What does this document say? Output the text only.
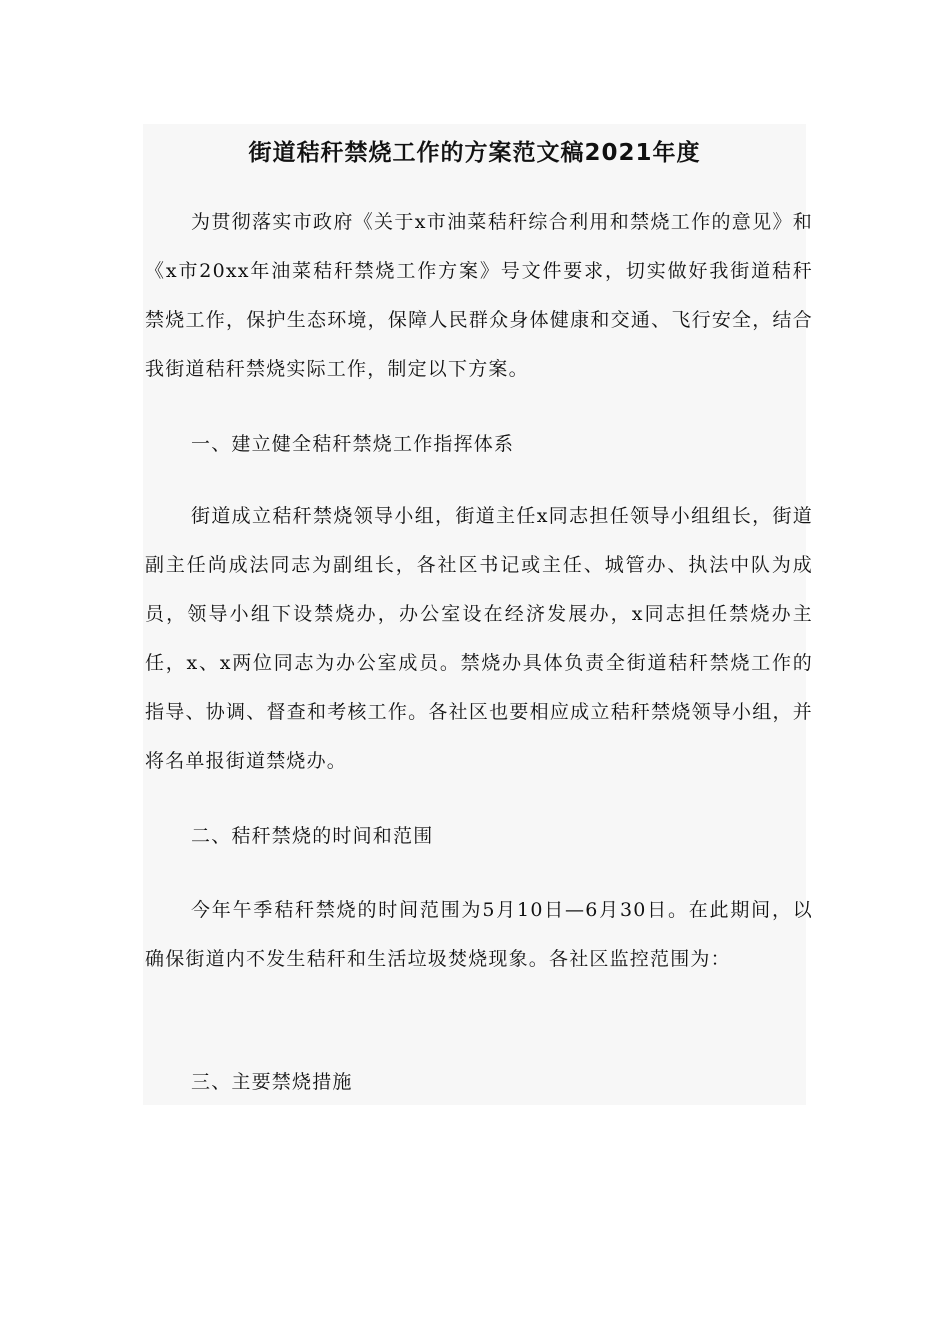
街道秸秆禁烧工作的方案范文稿2021年度

为贯彻落实市政府《关于x市油菜秸秆综合利用和禁烧工作的意见》和《x市20xx年油菜秸秆禁烧工作方案》号文件要求，切实做好我街道秸秆禁烧工作，保护生态环境，保障人民群众身体健康和交通、飞行安全，结合我街道秸秆禁烧实际工作，制定以下方案。

一、建立健全秸秆禁烧工作指挥体系

街道成立秸秆禁烧领导小组，街道主任x同志担任领导小组组长，街道副主任尚成法同志为副组长，各社区书记或主任、城管办、执法中队为成员，领导小组下设禁烧办，办公室设在经济发展办，x同志担任禁烧办主任，x、x两位同志为办公室成员。禁烧办具体负责全街道秸秆禁烧工作的指导、协调、督查和考核工作。各社区也要相应成立秸秆禁烧领导小组，并将名单报街道禁烧办。

二、秸秆禁烧的时间和范围

今年午季秸秆禁烧的时间范围为5月10日—6月30日。在此期间，以确保街道内不发生秸秆和生活垃圾焚烧现象。各社区监控范围为：

三、主要禁烧措施
